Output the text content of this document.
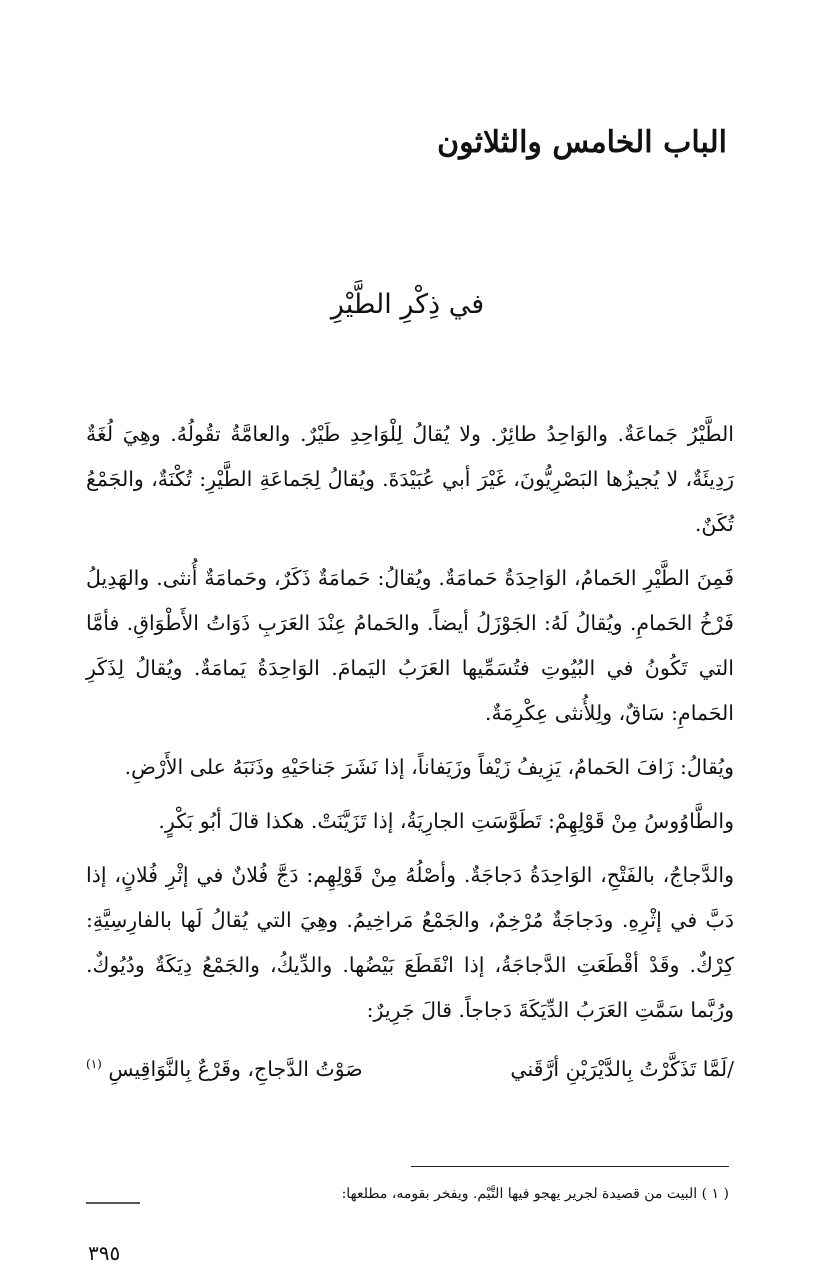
الباب الخامس والثلاثون
في ذِكْرِ الطَّيْرِ

الطَّيْرُ جَماعَةٌ. والوَاحِدُ طائِرٌ. ولا يُقالُ لِلْوَاحِدِ طَيْرٌ. والعامَّةُ تقُولُهُ. وهِيَ لُغَةٌ رَدِيئَةٌ، لا يُجيزُها البَصْرِيُّونَ، غَيْرَ أبي عُبَيْدَةَ. ويُقالُ لِجَماعَةِ الطَّيْرِ: تُكْنَةٌ، والجَمْعُ تُكَنٌ.

فَمِنَ الطَّيْرِ الحَمامُ، الوَاحِدَةُ حَمامَةٌ. ويُقالُ: حَمامَةٌ ذَكَرٌ، وحَمامَةٌ أُنثى. والهَدِيلُ فَرْخُ الحَمامِ. ويُقالُ لَهُ: الجَوْزَلُ أيضاً. والحَمامُ عِنْدَ العَرَبِ ذَوَاتُ الأَطْوَاقِ. فأمَّا التي تَكُونُ في البُيُوتِ فتُسَمِّيها العَرَبُ اليَمامَ. الوَاحِدَةُ يَمامَةٌ. ويُقالُ لِذَكَرِ الحَمامِ: سَاقٌ، ولِلأُنثى عِكْرِمَةٌ.

ويُقالُ: زَافَ الحَمامُ، يَزِيفُ زَيْفاً وزَيَفاناً، إذا نَشَرَ جَناحَيْهِ وذَنَبَهُ على الأَرْضِ.

والطَّاوُوسُ مِنْ قَوْلِهِمْ: تَطَوَّسَتِ الجارِيَةُ، إذا تَزَيَّنَتْ. هكذا قالَ أبُو بَكْرٍ.

والدَّجاجُ، بالفَتْحِ، الوَاحِدَةُ دَجاجَةٌ. وأصْلُهُ مِنْ قَوْلِهِم: دَجَّ فُلانٌ في إثْرِ فُلانٍ، إذا دَبَّ في إثْرِهِ. ودَجاجَةٌ مُرْخِمٌ، والجَمْعُ مَراخِيمُ. وهِيَ التي يُقالُ لَها بالفارِسِيَّةِ: كِرْكٌ. وقَدْ أقْطَعَتِ الدَّجاجَةُ، إذا انْقَطَعَ بَيْضُها. والدِّيكُ، والجَمْعُ دِيَكَةٌ ودُيُوكٌ. ورُبَّما سَمَّتِ العَرَبُ الدِّيَكَةَ دَجاجاً. قالَ جَرِيرٌ:

/لَمَّا تَذَكَّرْتُ بِالدَّيْرَيْنِ أرَّقَني
صَوْتُ الدَّجاجِ، وقَرْعٌ بِالنَّوَاقِيسِ $^{(١)}$

( ١ ) البيت من قصيدة لجرير يهجو فيها التَّيْم. ويفخر بقومه، مطلعها:

٣٩٥
